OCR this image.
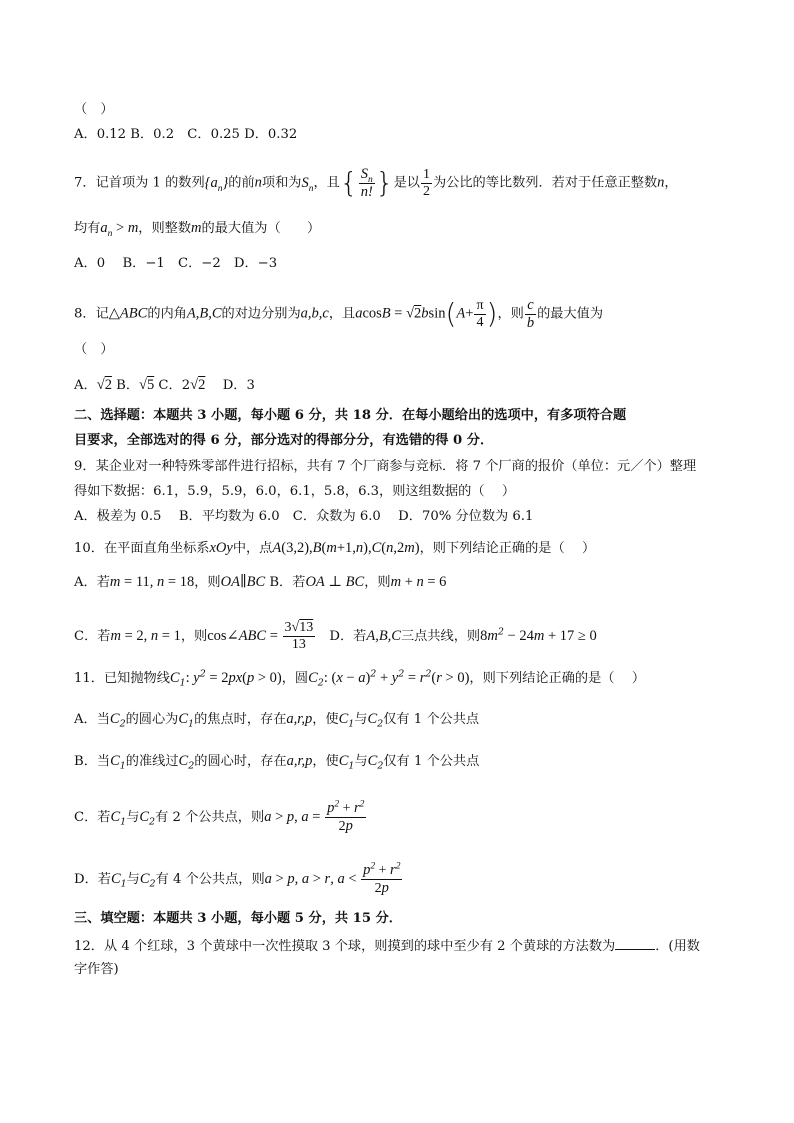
（　）
A．0.12 B．0.2　C．0.25 D．0.32
7．记首项为 1 的数列$\{a_n\}$的前n项和为$S_n$，且{ $\frac{S_n}{n!}$ }是以 $\frac{1}{2}$ 为公比的等比数列．若对于任意正整数n，
均有$a_n > m$，则整数m的最大值为（　　）
A．0　 B．−1　C．−2　D．−3
8．记△ABC的内角A,B,C的对边分别为a,b,c，且$acosB = √2bsin(A+ \frac{\pi}{4}$ )，则 $\frac{c}{b}$ 的最大值为
（　）
A．√2 B．√5 C．2√2　 D．3
二、选择题：本题共 3 小题，每小题 6 分，共 18 分．在每小题给出的选项中，有多项符合题
目要求，全部选对的得 6 分，部分选对的得部分分，有选错的得 0 分．
9．某企业对一种特殊零部件进行招标，共有 7 个厂商参与竞标．将 7 个厂商的报价（单位：元／个）整理
得如下数据：6.1，5.9，5.9，6.0，6.1，5.8，6.3，则这组数据的（　 ）
A．极差为 0.5　 B．平均数为 6.0　C．众数为 6.0　 D．70% 分位数为 6.1
10．在平面直角坐标系xOy中，点A(3,2),B(m+1,n),C(n,2m)，则下列结论正确的是（　 ）
A．若m = 11, n = 18，则OA∥BC B．若OA ⊥ BC，则m + n = 6
C．若m = 2, n = 1，则cos∠ABC = $\frac{3√13}{13}$ 　D．若A,B,C三点共线，则$8m^2 - 24m + 17 \ge 0$
11．已知抛物线$C_1$: $y^2 = 2px(p > 0)$，圆$C_2$: $(x - a)^2 + y^2 = r^2(r > 0)$，则下列结论正确的是（　 ）
A．当$C_2$的圆心为$C_1$的焦点时，存在a,r,p，使$C_1$与$C_2$仅有 1 个公共点
B．当$C_1$的准线过$C_2$的圆心时，存在a,r,p，使$C_1$与$C_2$仅有 1 个公共点
C．若$C_1$与$C_2$有 2 个公共点，则a > p, $a = \frac{p^2 + r^2}{2p}$
D．若$C_1$与$C_2$有 4 个公共点，则a > p, a > r, $a < \frac{p^2 + r^2}{2p}$
三、填空题：本题共 3 小题，每小题 5 分，共 15 分．
12．从 4 个红球，3 个黄球中一次性摸取 3 个球，则摸到的球中至少有 2 个黄球的方法数为	．(用数
字作答)
